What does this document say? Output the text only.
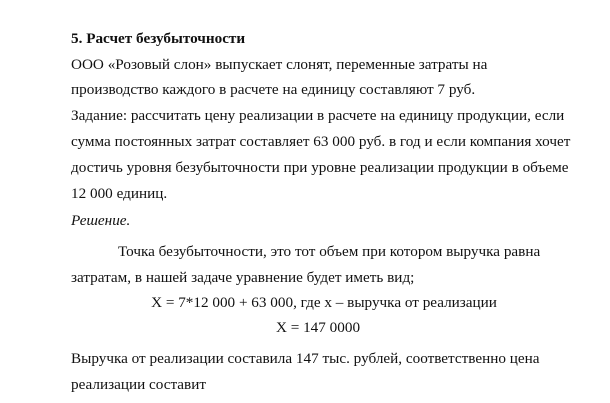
5. Расчет безубыточности
ООО «Розовый слон» выпускает слонят, переменные затраты на
производство каждого в расчете на единицу составляют 7 руб.
Задание: рассчитать цену реализации в расчете на единицу продукции, если
сумма постоянных затрат составляет 63 000 руб. в год и если компания хочет
достичь уровня безубыточности при уровне реализации продукции в объеме
12 000 единиц.
Решение.
Точка безубыточности, это тот объем при котором выручка равна
затратам, в нашей задаче уравнение будет иметь вид;
X = 7*12 000 + 63 000, где х – выручка от реализации
X = 147 0000
Выручка от реализации составила 147 тыс. рублей, соответственно цена
реализации составит
